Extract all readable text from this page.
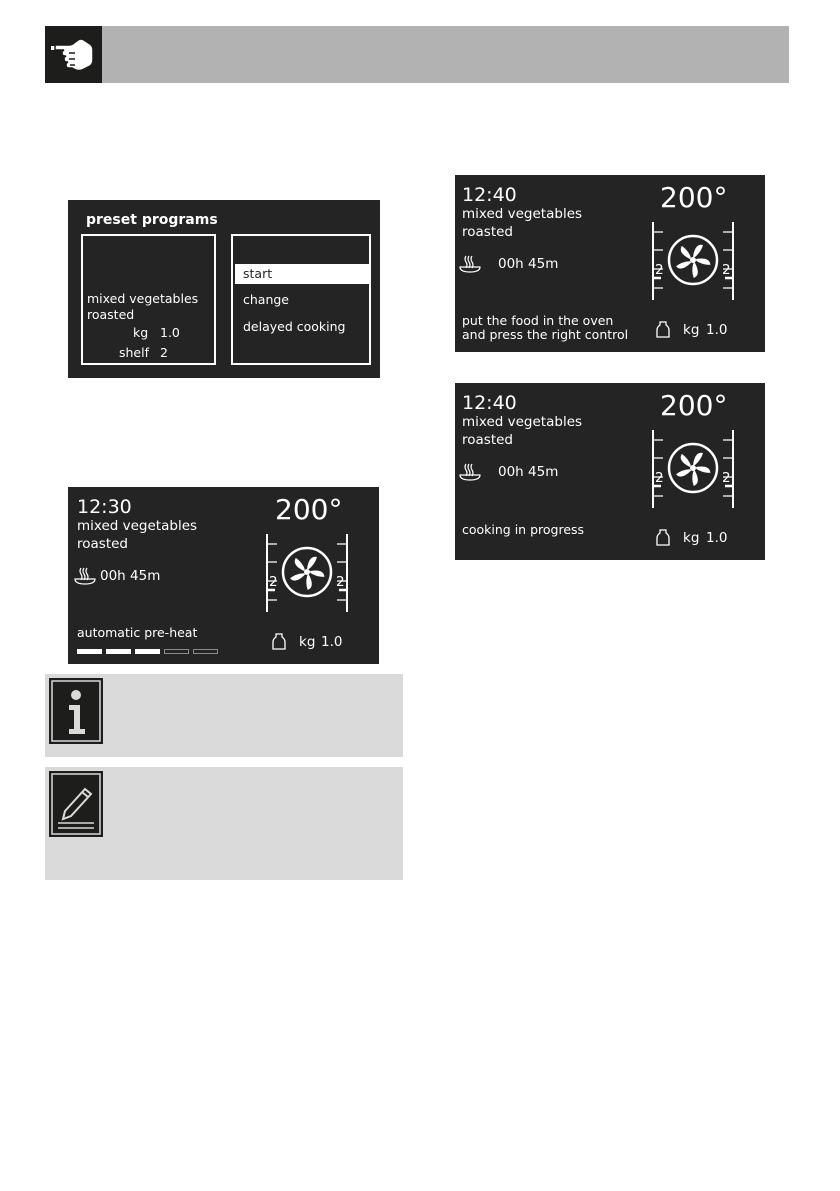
preset programs
mixed vegetables
roasted
kg 1.0
shelf 2
start
change
delayed cooking
12:30	200°
mixed vegetables
roasted
00h 45m	2	2
automatic pre-heat
kg 1.0
12:40	200°
mixed vegetables
roasted
00h 45m	2	2
put the food in the oven
and press the right control	kg 1.0
12:40	200°
mixed vegetables
roasted
00h 45m	2	2
cooking in progress
kg 1.0
